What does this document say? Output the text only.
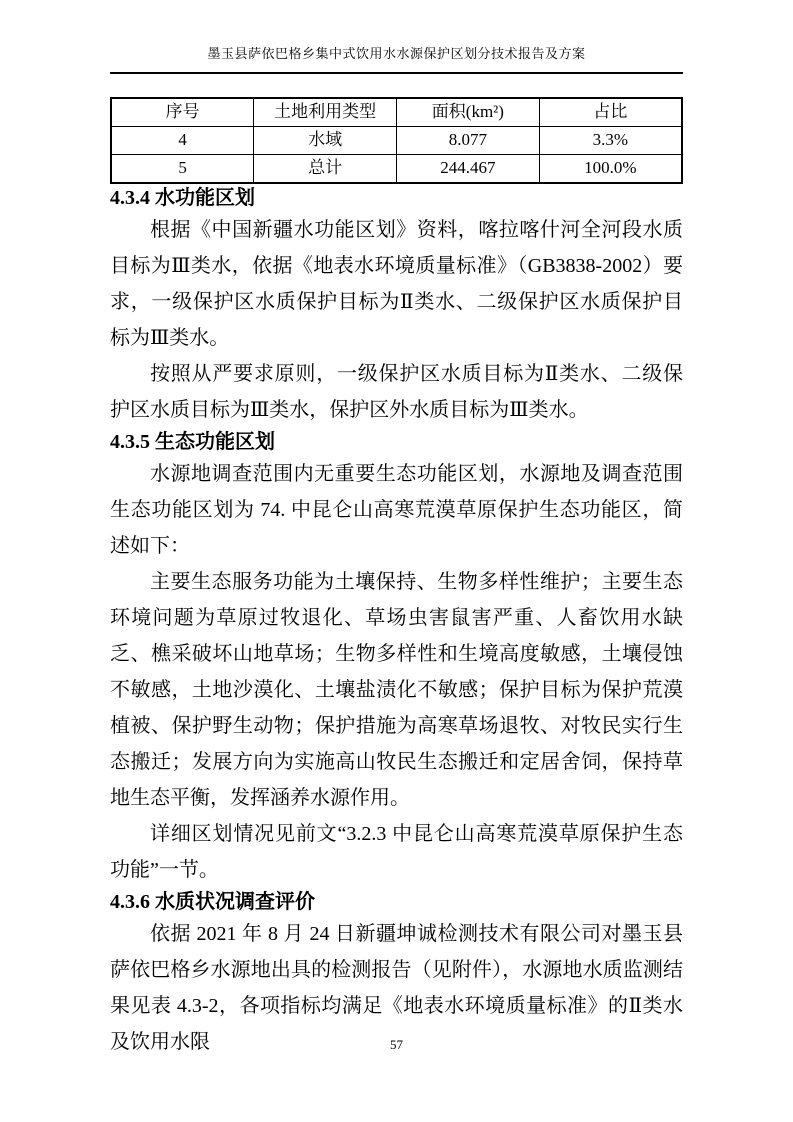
墨玉县萨依巴格乡集中式饮用水水源保护区划分技术报告及方案
序号	土地利用类型	面积(km²)	占比
4	水域	8.077	3.3%
5	总计	244.467	100.0%
4.3.4 水功能区划

根据《中国新疆水功能区划》资料，喀拉喀什河全河段水质目标为Ⅲ类水，依据《地表水环境质量标准》（GB3838-2002）要求，一级保护区水质保护目标为Ⅱ类水、二级保护区水质保护目标为Ⅲ类水。

按照从严要求原则，一级保护区水质目标为Ⅱ类水、二级保护区水质目标为Ⅲ类水，保护区外水质目标为Ⅲ类水。

4.3.5 生态功能区划

水源地调查范围内无重要生态功能区划，水源地及调查范围生态功能区划为 74. 中昆仑山高寒荒漠草原保护生态功能区，简述如下：

主要生态服务功能为土壤保持、生物多样性维护；主要生态环境问题为草原过牧退化、草场虫害鼠害严重、人畜饮用水缺乏、樵采破坏山地草场；生物多样性和生境高度敏感，土壤侵蚀不敏感，土地沙漠化、土壤盐渍化不敏感；保护目标为保护荒漠植被、保护野生动物；保护措施为高寒草场退牧、对牧民实行生态搬迁；发展方向为实施高山牧民生态搬迁和定居舍饲，保持草地生态平衡，发挥涵养水源作用。

详细区划情况见前文“3.2.3 中昆仑山高寒荒漠草原保护生态功能”一节。

4.3.6 水质状况调查评价

依据 2021 年 8 月 24 日新疆坤诚检测技术有限公司对墨玉县萨依巴格乡水源地出具的检测报告（见附件），水源地水质监测结果见表 4.3-2，各项指标均满足《地表水环境质量标准》的Ⅱ类水及饮用水限	57
